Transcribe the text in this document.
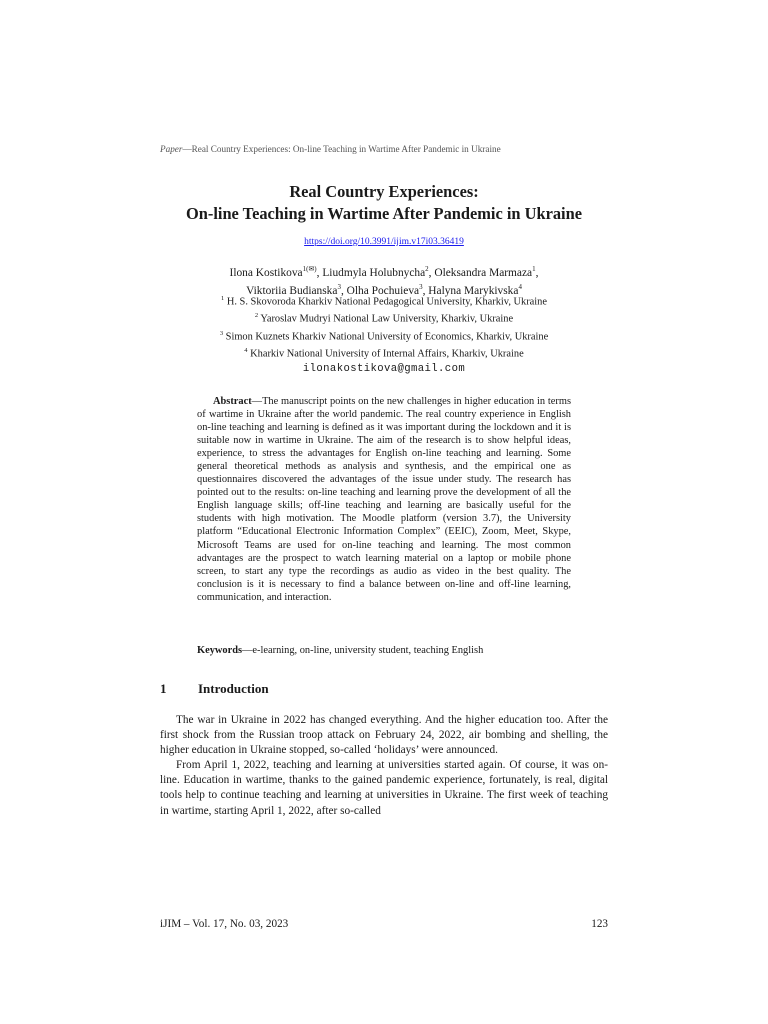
Paper—Real Country Experiences: On-line Teaching in Wartime After Pandemic in Ukraine
Real Country Experiences:
On-line Teaching in Wartime After Pandemic in Ukraine
https://doi.org/10.3991/ijim.v17i03.36419
Ilona Kostikova$^{1(✉)}$, Liudmyla Holubnycha$^2$, Oleksandra Marmaza$^1$,
Viktoriia Budianska$^3$, Olha Pochuieva$^3$, Halyna Marykivska$^4$
$^1$ H. S. Skovoroda Kharkiv National Pedagogical University, Kharkiv, Ukraine
$^2$ Yaroslav Mudryi National Law University, Kharkiv, Ukraine
$^3$ Simon Kuznets Kharkiv National University of Economics, Kharkiv, Ukraine
$^4$ Kharkiv National University of Internal Affairs, Kharkiv, Ukraine
ilonakostikova@gmail.com
Abstract—The manuscript points on the new challenges in higher education in terms of wartime in Ukraine after the world pandemic. The real country experience in English on-line teaching and learning is defined as it was important during the lockdown and it is suitable now in wartime in Ukraine. The aim of the research is to show helpful ideas, experience, to stress the advantages for English on-line teaching and learning. Some general theoretical methods as analysis and synthesis, and the empirical one as questionnaires discovered the advantages of the issue under study. The research has pointed out to the results: on-line teaching and learning prove the development of all the English language skills; off-line teaching and learning are basically useful for the students with high motivation. The Moodle platform (version 3.7), the University platform “Educational Electronic Information Complex” (EEIC), Zoom, Meet, Skype, Microsoft Teams are used for on-line teaching and learning. The most common advantages are the prospect to watch learning material on a laptop or mobile phone screen, to start any type the recordings as audio as video in the best quality. The conclusion is it is necessary to find a balance between on-line and off-line learning, communication, and interaction.
Keywords—e-learning, on-line, university student, teaching English
1 Introduction

The war in Ukraine in 2022 has changed everything. And the higher education too. After the first shock from the Russian troop attack on February 24, 2022, air bombing and shelling, the higher education in Ukraine stopped, so-called ‘holidays’ were announced.

From April 1, 2022, teaching and learning at universities started again. Of course, it was on-line. Education in wartime, thanks to the gained pandemic experience, fortunately, is real, digital tools help to continue teaching and learning at universities in Ukraine. The first week of teaching in wartime, starting April 1, 2022, after so-called

iJIM – Vol. 17, No. 03, 2023	123
